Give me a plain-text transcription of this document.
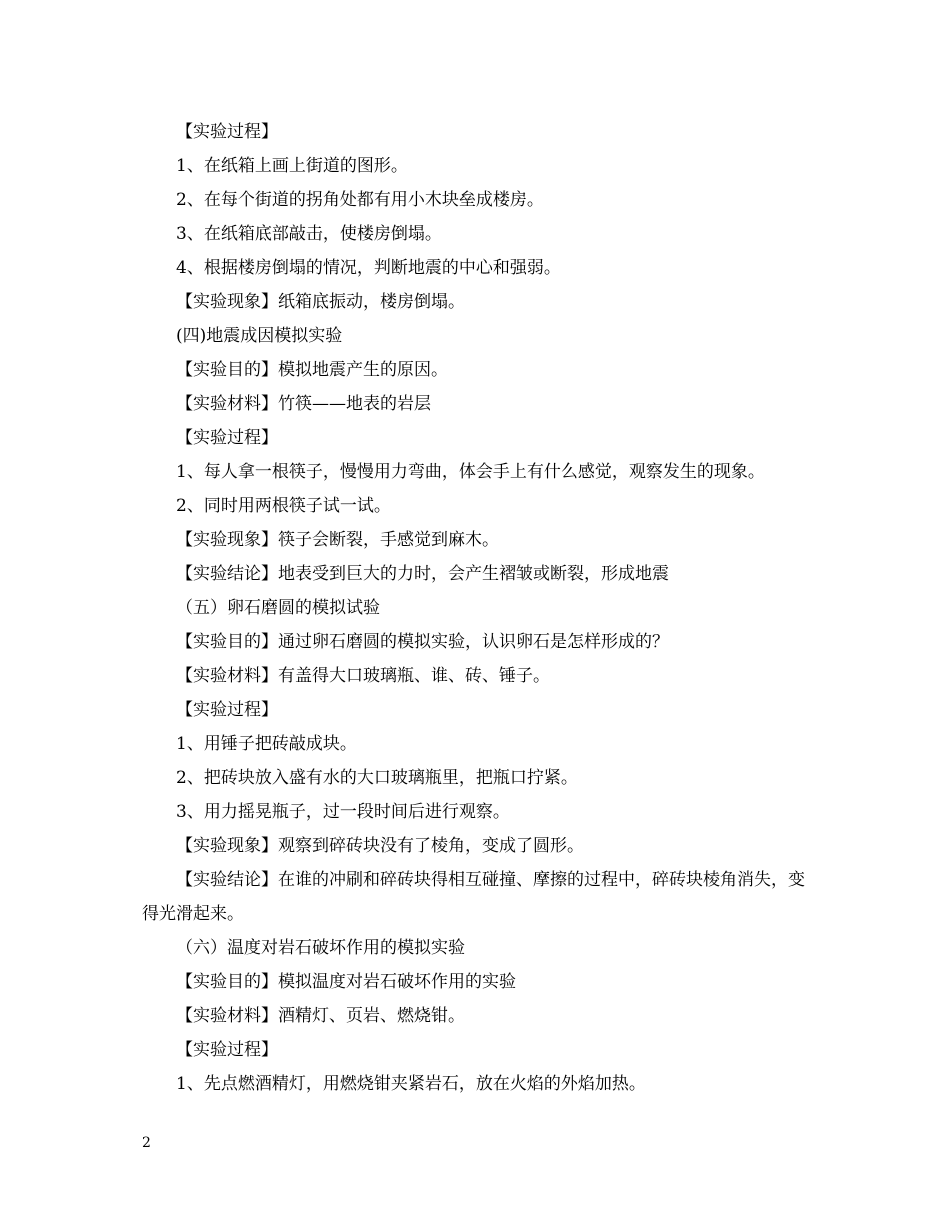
【实验过程】

1、在纸箱上画上街道的图形。

2、在每个街道的拐角处都有用小木块垒成楼房。

3、在纸箱底部敲击，使楼房倒塌。

4、根据楼房倒塌的情况，判断地震的中心和强弱。

【实验现象】纸箱底振动，楼房倒塌。

(四)地震成因模拟实验

【实验目的】模拟地震产生的原因。

【实验材料】竹筷——地表的岩层

【实验过程】

1、每人拿一根筷子，慢慢用力弯曲，体会手上有什么感觉，观察发生的现象。

2、同时用两根筷子试一试。

【实验现象】筷子会断裂，手感觉到麻木。

【实验结论】地表受到巨大的力时，会产生褶皱或断裂，形成地震

（五）卵石磨圆的模拟试验

【实验目的】通过卵石磨圆的模拟实验，认识卵石是怎样形成的？

【实验材料】有盖得大口玻璃瓶、谁、砖、锤子。

【实验过程】

1、用锤子把砖敲成块。

2、把砖块放入盛有水的大口玻璃瓶里，把瓶口拧紧。

3、用力摇晃瓶子，过一段时间后进行观察。

【实验现象】观察到碎砖块没有了棱角，变成了圆形。

【实验结论】在谁的冲刷和碎砖块得相互碰撞、摩擦的过程中，碎砖块棱角消失，变得光滑起来。

（六）温度对岩石破坏作用的模拟实验

【实验目的】模拟温度对岩石破坏作用的实验

【实验材料】酒精灯、页岩、燃烧钳。

【实验过程】

1、先点燃酒精灯，用燃烧钳夹紧岩石，放在火焰的外焰加热。

2
